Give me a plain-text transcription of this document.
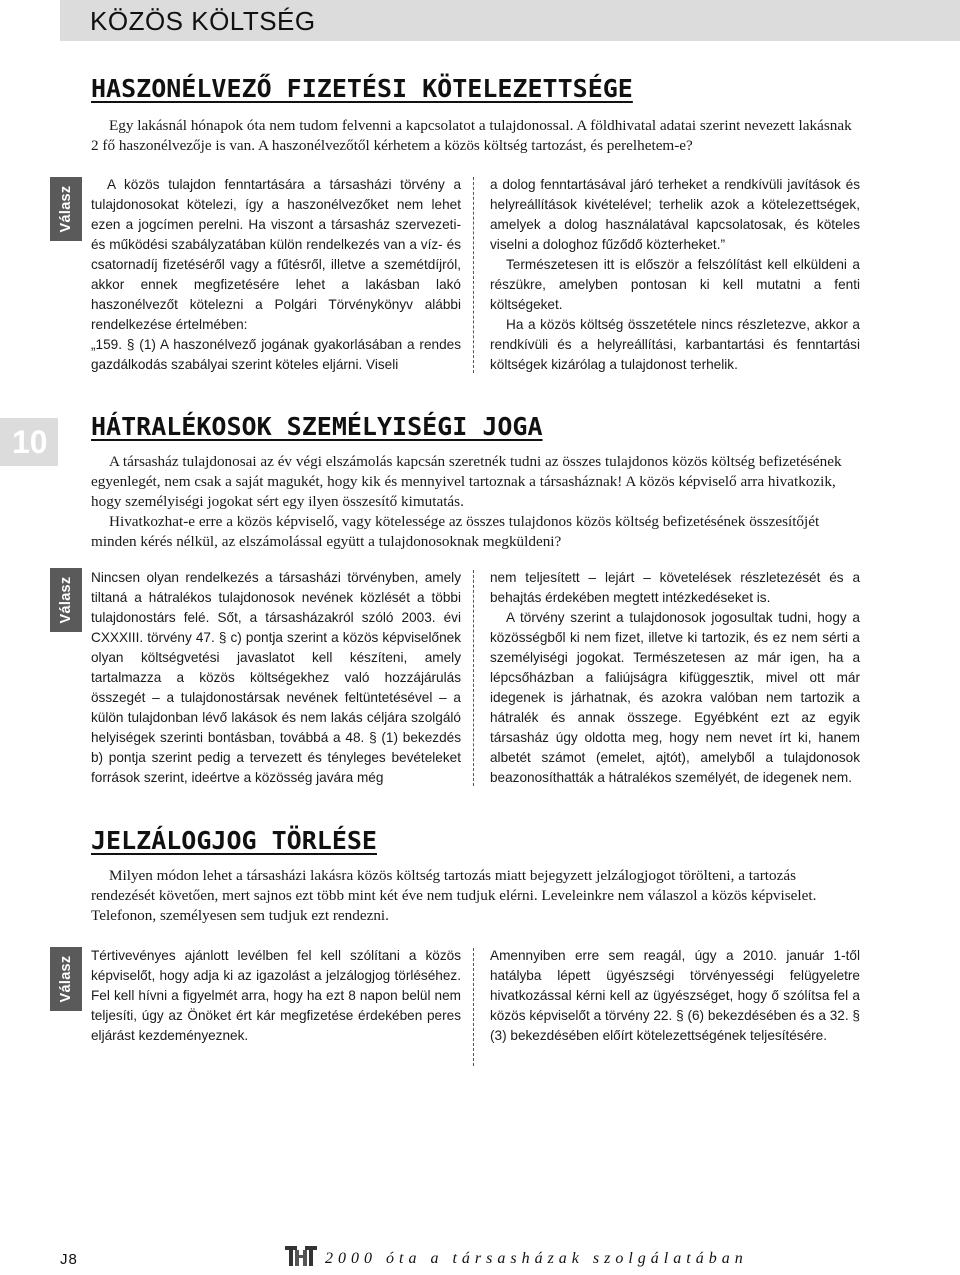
KÖZÖS KÖLTSÉG
10
HASZONÉLVEZŐ FIZETÉSI KÖTELEZETTSÉGE

Egy lakásnál hónapok óta nem tudom felvenni a kapcsolatot a tulajdonossal. A földhivatal adatai szerint nevezett lakásnak 2 fő haszonélvezője is van. A haszonélvezőtől kérhetem a közös költség tartozást, és perelhetem-e?

Válasz

A közös tulajdon fenntartására a társasházi törvény a tulajdonosokat kötelezi, így a haszonélvezőket nem lehet ezen a jogcímen perelni. Ha viszont a társasház szervezeti- és működési szabályzatában külön rendelkezés van a víz- és csatornadíj fizetéséről vagy a fűtésről, illetve a szemétdíjról, akkor ennek megfizetésére lehet a lakásban lakó haszonélvezőt kötelezni a Polgári Törvénykönyv alábbi rendelkezése értelmében:

„159. § (1) A haszonélvező jogának gyakorlásában a rendes gazdálkodás szabályai szerint köteles eljárni. Viseli

a dolog fenntartásával járó terheket a rendkívüli javítások és helyreállítások kivételével; terhelik azok a kötelezettségek, amelyek a dolog használatával kapcsolatosak, és köteles viselni a dologhoz fűződő közterheket.”

Természetesen itt is először a felszólítást kell elküldeni a részükre, amelyben pontosan ki kell mutatni a fenti költségeket.

Ha a közös költség összetétele nincs részletezve, akkor a rendkívüli és a helyreállítási, karbantartási és fenntartási költségek kizárólag a tulajdonost terhelik.

HÁTRALÉKOSOK SZEMÉLYISÉGI JOGA

A társasház tulajdonosai az év végi elszámolás kapcsán szeretnék tudni az összes tulajdonos közös költség befizetésének egyenlegét, nem csak a saját magukét, hogy kik és mennyivel tartoznak a társasháznak! A közös képviselő arra hivatkozik, hogy személyiségi jogokat sért egy ilyen összesítő kimutatás.

Hivatkozhat-e erre a közös képviselő, vagy kötelessége az összes tulajdonos közös költség befizetésének összesítőjét minden kérés nélkül, az elszámolással együtt a tulajdonosoknak megküldeni?

Válasz Nincsen olyan rendelkezés a társasházi törvényben, amely tiltaná a hátralékos tulajdonosok nevének közlését a többi tulajdonostárs felé. Sőt, a társasházakról szóló 2003. évi CXXXIII. törvény 47. § c) pontja szerint a közös képviselőnek olyan költségvetési javaslatot kell készíteni, amely tartalmazza a közös költségekhez való hozzájárulás összegét – a tulajdonostársak nevének feltüntetésével – a külön tulajdonban lévő lakások és nem lakás céljára szolgáló helyiségek szerinti bontásban, továbbá a 48. § (1) bekezdés b) pontja szerint pedig a tervezett és tényleges bevételeket források szerint, ideértve a közösség javára még

nem teljesített – lejárt – követelések részletezését és a behajtás érdekében megtett intézkedéseket is.

A törvény szerint a tulajdonosok jogosultak tudni, hogy a közösségből ki nem fizet, illetve ki tartozik, és ez nem sérti a személyiségi jogokat. Természetesen az már igen, ha a lépcsőházban a faliújságra kifüggesztik, mivel ott már idegenek is járhatnak, és azokra valóban nem tartozik a hátralék és annak összege. Egyébként ezt az egyik társasház úgy oldotta meg, hogy nem nevet írt ki, hanem albetét számot (emelet, ajtót), amelyből a tulajdonosok beazonosíthatták a hátralékos személyét, de idegenek nem.

JELZÁLOGJOG TÖRLÉSE

Milyen módon lehet a társasházi lakásra közös költség tartozás miatt bejegyzett jelzálogjogot törölteni, a tartozás rendezését követően, mert sajnos ezt több mint két éve nem tudjuk elérni. Leveleinkre nem válaszol a közös képviselet. Telefonon, személyesen sem tudjuk ezt rendezni.

Válasz

Tértivevényes ajánlott levélben fel kell szólítani a közös képviselőt, hogy adja ki az igazolást a jelzálogjog törléséhez. Fel kell hívni a figyelmét arra, hogy ha ezt 8 napon belül nem teljesíti, úgy az Önöket ért kár megfizetése érdekében peres eljárást kezdeményeznek.

Amennyiben erre sem reagál, úgy a 2010. január 1-től hatályba lépett ügyészségi törvényességi felügyeletre hivatkozással kérni kell az ügyészséget, hogy ő szólítsa fel a közös képviselőt a törvény 22. § (6) bekezdésében és a 32. § (3) bekezdésében előírt kötelezettségének teljesítésére.

J8	2000 óta a társasházak szolgálatában
